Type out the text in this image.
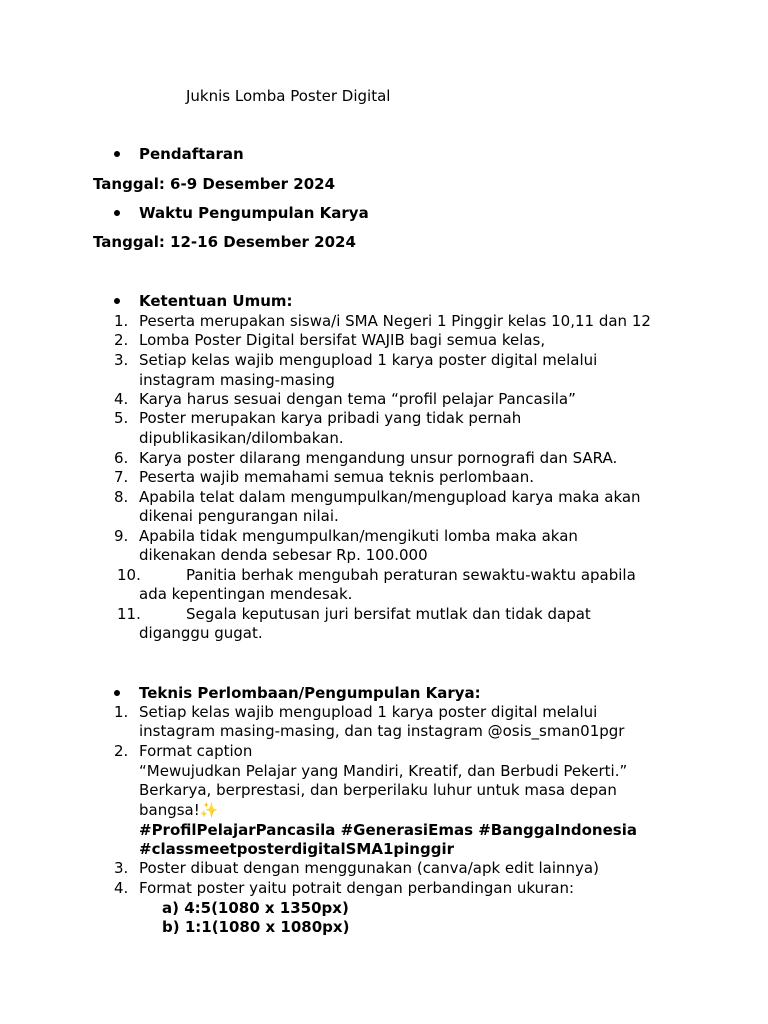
Juknis Lomba Poster Digital
Pendaftaran
Tanggal: 6-9 Desember 2024
Waktu Pengumpulan Karya
Tanggal: 12-16 Desember 2024
Ketentuan Umum:
1. Peserta merupakan siswa/i SMA Negeri 1 Pinggir kelas 10,11 dan 12
2. Lomba Poster Digital bersifat WAJIB bagi semua kelas,
3. Setiap kelas wajib mengupload 1 karya poster digital melalui
instagram masing-masing
4. Karya harus sesuai dengan tema “profil pelajar Pancasila”
5. Poster merupakan karya pribadi yang tidak pernah
dipublikasikan/dilombakan.
6. Karya poster dilarang mengandung unsur pornografi dan SARA.
7. Peserta wajib memahami semua teknis perlombaan.
8. Apabila telat dalam mengumpulkan/mengupload karya maka akan
dikenai pengurangan nilai.
9. Apabila tidak mengumpulkan/mengikuti lomba maka akan
dikenakan denda sebesar Rp. 100.000
10.	Panitia berhak mengubah peraturan sewaktu-waktu apabila
ada kepentingan mendesak.
11.	Segala keputusan juri bersifat mutlak dan tidak dapat
diganggu gugat.
Teknis Perlombaan/Pengumpulan Karya:
1. Setiap kelas wajib mengupload 1 karya poster digital melalui
instagram masing-masing, dan tag instagram @osis_sman01pgr
2. Format caption
“Mewujudkan Pelajar yang Mandiri, Kreatif, dan Berbudi Pekerti.”
Berkarya, berprestasi, dan berperilaku luhur untuk masa depan
bangsa!✨
#ProfilPelajarPancasila #GenerasiEmas #BanggaIndonesia
#classmeetposterdigitalSMA1pinggir
3. Poster dibuat dengan menggunakan (canva/apk edit lainnya)
4. Format poster yaitu potrait dengan perbandingan ukuran:
a) 4:5(1080 x 1350px)
b) 1:1(1080 x 1080px)
